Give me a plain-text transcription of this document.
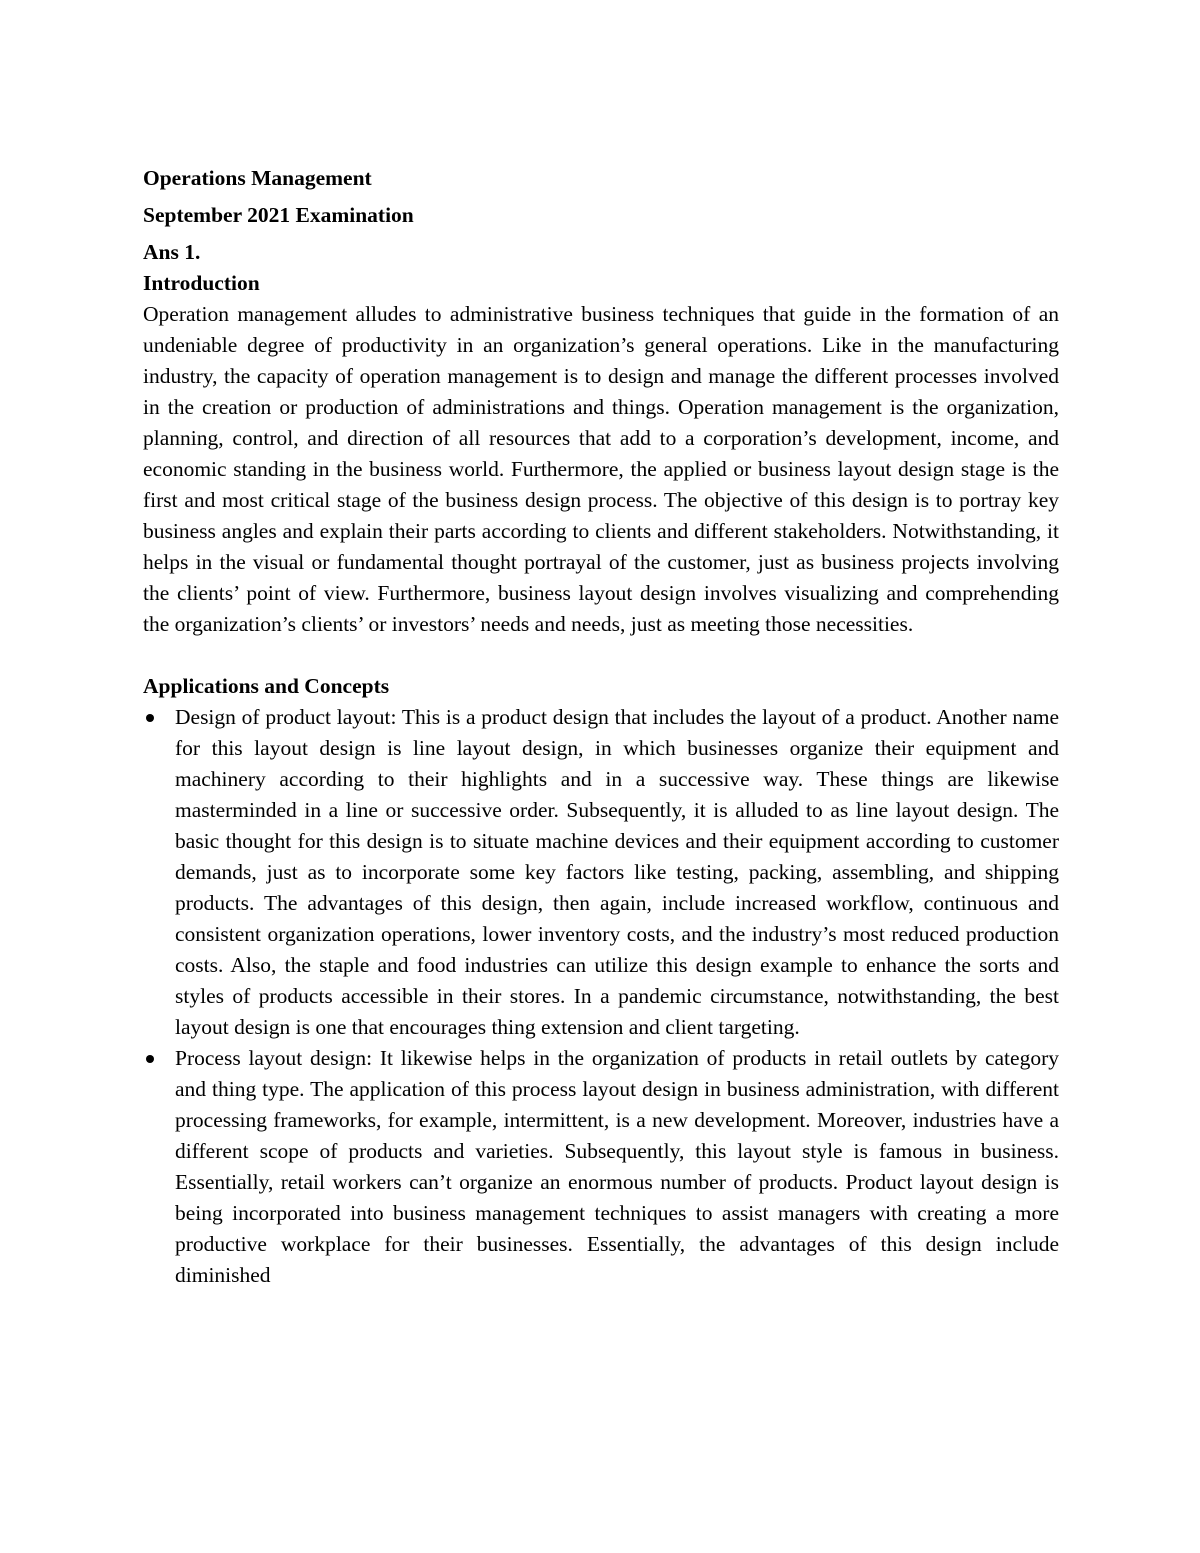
Operations Management

September 2021 Examination

Ans 1.

Introduction

Operation management alludes to administrative business techniques that guide in the formation of an undeniable degree of productivity in an organization’s general operations. Like in the manufacturing industry, the capacity of operation management is to design and manage the different processes involved in the creation or production of administrations and things. Operation management is the organization, planning, control, and direction of all resources that add to a corporation’s development, income, and economic standing in the business world. Furthermore, the applied or business layout design stage is the first and most critical stage of the business design process. The objective of this design is to portray key business angles and explain their parts according to clients and different stakeholders. Notwithstanding, it helps in the visual or fundamental thought portrayal of the customer, just as business projects involving the clients’ point of view. Furthermore, business layout design involves visualizing and comprehending the organization’s clients’ or investors’ needs and needs, just as meeting those necessities.

Applications and Concepts

Design of product layout: This is a product design that includes the layout of a product. Another name for this layout design is line layout design, in which businesses organize their equipment and machinery according to their highlights and in a successive way. These things are likewise masterminded in a line or successive order. Subsequently, it is alluded to as line layout design. The basic thought for this design is to situate machine devices and their equipment according to customer demands, just as to incorporate some key factors like testing, packing, assembling, and shipping products. The advantages of this design, then again, include increased workflow, continuous and consistent organization operations, lower inventory costs, and the industry’s most reduced production costs. Also, the staple and food industries can utilize this design example to enhance the sorts and styles of products accessible in their stores. In a pandemic circumstance, notwithstanding, the best layout design is one that encourages thing extension and client targeting.
Process layout design: It likewise helps in the organization of products in retail outlets by category and thing type. The application of this process layout design in business administration, with different processing frameworks, for example, intermittent, is a new development. Moreover, industries have a different scope of products and varieties. Subsequently, this layout style is famous in business. Essentially, retail workers can’t organize an enormous number of products. Product layout design is being incorporated into business management techniques to assist managers with creating a more productive workplace for their businesses. Essentially, the advantages of this design include diminished
